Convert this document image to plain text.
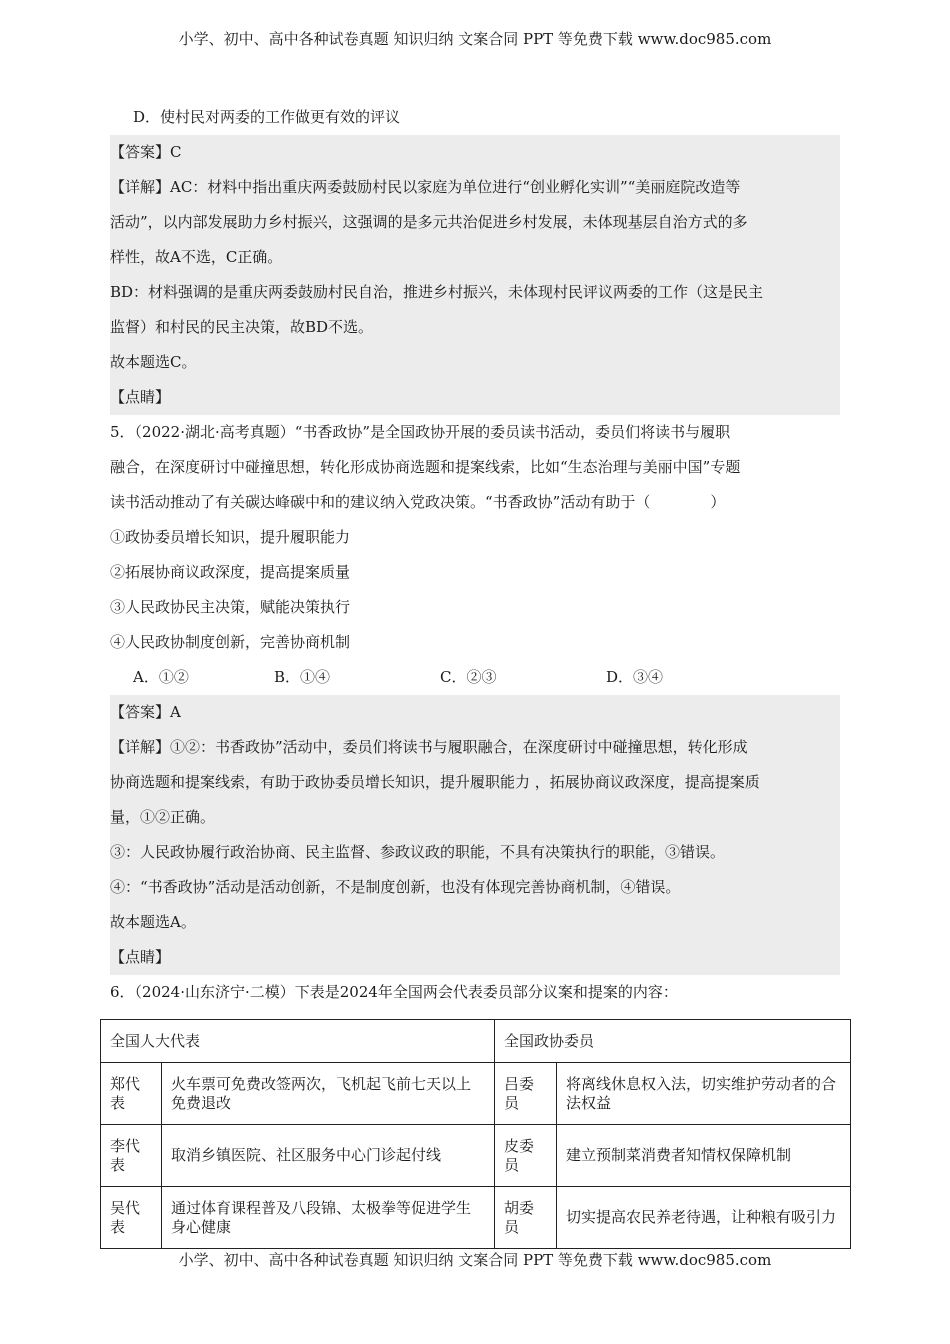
小学、初中、高中各种试卷真题 知识归纳 文案合同 PPT 等免费下载 www.doc985.com
D．使村民对两委的工作做更有效的评议
【答案】C
【详解】AC：材料中指出重庆两委鼓励村民以家庭为单位进行“创业孵化实训”“美丽庭院改造等
活动”，以内部发展助力乡村振兴，这强调的是多元共治促进乡村发展，未体现基层自治方式的多
样性，故A不选，C正确。
BD：材料强调的是重庆两委鼓励村民自治，推进乡村振兴，未体现村民评议两委的工作（这是民主
监督）和村民的民主决策，故BD不选。
故本题选C。
【点睛】
5．（2022·湖北·高考真题）“书香政协”是全国政协开展的委员读书活动，委员们将读书与履职
融合，在深度研讨中碰撞思想，转化形成协商选题和提案线索，比如“生态治理与美丽中国”专题
读书活动推动了有关碳达峰碳中和的建议纳入党政决策。“书香政协”活动有助于（　　　　）
①政协委员增长知识，提升履职能力
②拓展协商议政深度，提高提案质量
③人民政协民主决策，赋能决策执行
④人民政协制度创新，完善协商机制
A．①②	B．①④	C．②③	D．③④
【答案】A
【详解】①②：书香政协”活动中，委员们将读书与履职融合，在深度研讨中碰撞思想，转化形成
协商选题和提案线索，有助于政协委员增长知识，提升履职能力 ，拓展协商议政深度，提高提案质
量，①②正确。
③：人民政协履行政治协商、民主监督、参政议政的职能，不具有决策执行的职能，③错误。
④：“书香政协”活动是活动创新，不是制度创新，也没有体现完善协商机制，④错误。
故本题选A。
【点睛】
6．（2024·山东济宁·二模）下表是2024年全国两会代表委员部分议案和提案的内容：
全国人大代表		全国政协委员	
郑代表	火车票可免费改签两次，飞机起飞前七天以上免费退改	吕委员	将离线休息权入法，切实维护劳动者的合法权益
李代表	取消乡镇医院、社区服务中心门诊起付线	皮委员	建立预制菜消费者知情权保障机制
吴代表	通过体育课程普及八段锦、太极拳等促进学生身心健康	胡委员	切实提高农民养老待遇，让种粮有吸引力
小学、初中、高中各种试卷真题 知识归纳 文案合同 PPT 等免费下载 www.doc985.com
